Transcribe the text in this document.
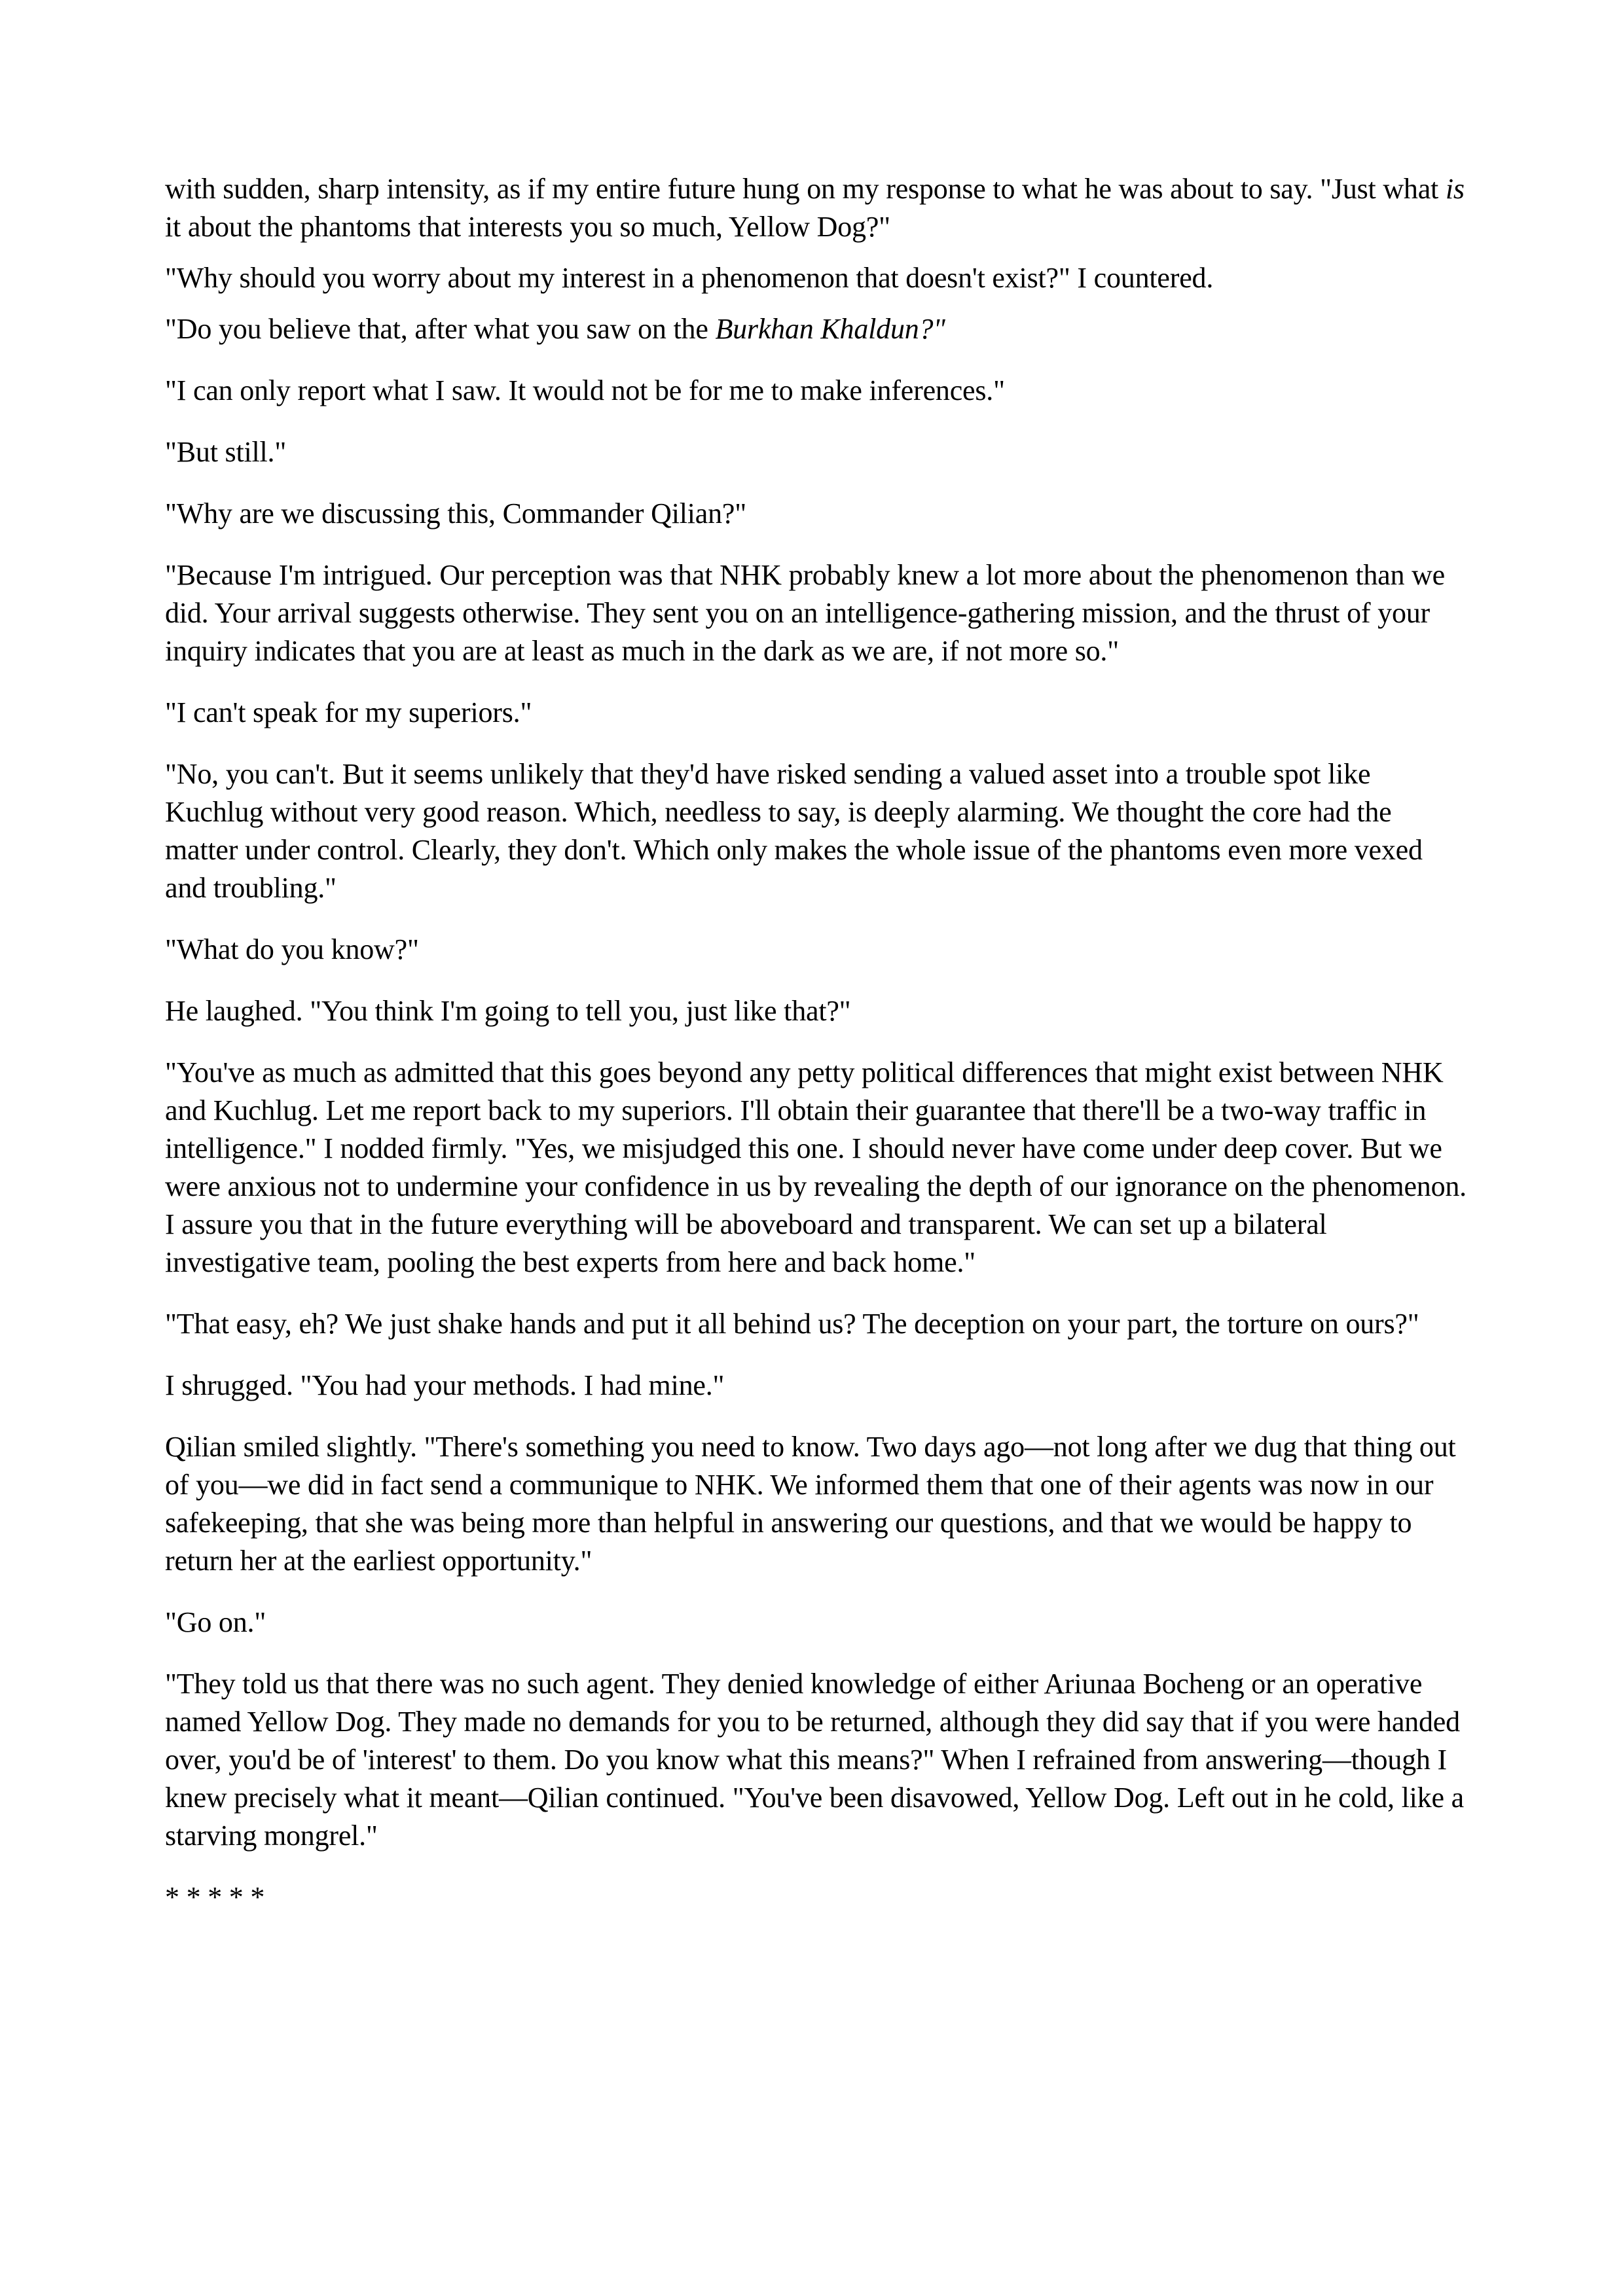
with sudden, sharp intensity, as if my entire future hung on my response to what he was about to say. "Just what is it about the phantoms that interests you so much, Yellow Dog?"

"Why should you worry about my interest in a phenomenon that doesn't exist?" I countered.

"Do you believe that, after what you saw on the Burkhan Khaldun?"

"I can only report what I saw. It would not be for me to make inferences."

"But still."

"Why are we discussing this, Commander Qilian?"

"Because I'm intrigued. Our perception was that NHK probably knew a lot more about the phenomenon than we did. Your arrival suggests otherwise. They sent you on an intelligence-gathering mission, and the thrust of your inquiry indicates that you are at least as much in the dark as we are, if not more so."

"I can't speak for my superiors."

"No, you can't. But it seems unlikely that they'd have risked sending a valued asset into a trouble spot like Kuchlug without very good reason. Which, needless to say, is deeply alarming. We thought the core had the matter under control. Clearly, they don't. Which only makes the whole issue of the phantoms even more vexed and troubling."

"What do you know?"

He laughed. "You think I'm going to tell you, just like that?"

"You've as much as admitted that this goes beyond any petty political differences that might exist between NHK and Kuchlug. Let me report back to my superiors. I'll obtain their guarantee that there'll be a two-way traffic in intelligence." I nodded firmly. "Yes, we misjudged this one. I should never have come under deep cover. But we were anxious not to undermine your confidence in us by revealing the depth of our ignorance on the phenomenon. I assure you that in the future everything will be aboveboard and transparent. We can set up a bilateral investigative team, pooling the best experts from here and back home."

"That easy, eh? We just shake hands and put it all behind us? The deception on your part, the torture on ours?"

I shrugged. "You had your methods. I had mine."

Qilian smiled slightly. "There's something you need to know. Two days ago—not long after we dug that thing out of you—we did in fact send a communique to NHK. We informed them that one of their agents was now in our safekeeping, that she was being more than helpful in answering our questions, and that we would be happy to return her at the earliest opportunity."

"Go on."

"They told us that there was no such agent. They denied knowledge of either Ariunaa Bocheng or an operative named Yellow Dog. They made no demands for you to be returned, although they did say that if you were handed over, you'd be of 'interest' to them. Do you know what this means?" When I refrained from answering—though I knew precisely what it meant—Qilian continued. "You've been disavowed, Yellow Dog. Left out in he cold, like a starving mongrel."

* * * * *
